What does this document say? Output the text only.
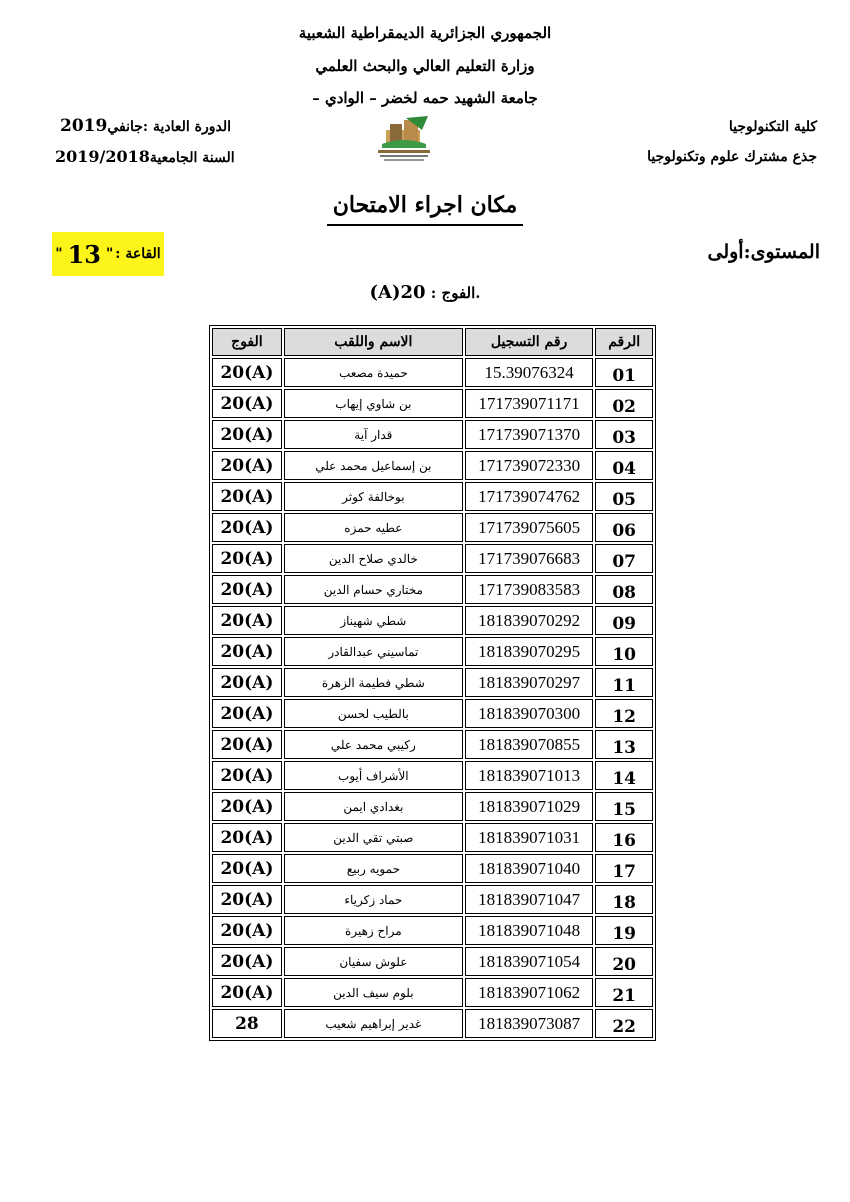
الجمهوري الجزائرية الديمقراطية الشعبية
وزارة التعليم العالي والبحث العلمي
جامعة الشهيد حمه لخضر – الوادي –
كلية التكنولوجيا
جذع مشترك علوم وتكنولوجيا
الدورة العادية :جانفي2019
السنة الجامعية2019/2018
مكان اجراء الامتحان
المستوى:أولى
القاعة :
"
13
"
.الفوج : 20(A)
الرقم	رقم التسجيل	الاسم واللقب	الفوج
01	15.39076324	حميدة مصعب	20(A)
02	171739071171	بن شاوي إيهاب	20(A)
03	171739071370	قدار آية	20(A)
04	171739072330	بن إسماعيل محمد علي	20(A)
05	171739074762	بوخالفة كوثر	20(A)
06	171739075605	عطيه حمزه	20(A)
07	171739076683	خالدي صلاح الدين	20(A)
08	171739083583	مختاري حسام الدين	20(A)
09	181839070292	شطي شهيناز	20(A)
10	181839070295	تماسيني عبدالقادر	20(A)
11	181839070297	شطي فطيمة الزهرة	20(A)
12	181839070300	بالطيب لحسن	20(A)
13	181839070855	ركيبي محمد علي	20(A)
14	181839071013	الأشراف أيوب	20(A)
15	181839071029	بغدادي ايمن	20(A)
16	181839071031	صبتي تقي الدين	20(A)
17	181839071040	حمويه ربيع	20(A)
18	181839071047	حماد زكرياء	20(A)
19	181839071048	مراح زهيرة	20(A)
20	181839071054	علوش سفيان	20(A)
21	181839071062	بلوم سيف الدين	20(A)
22	181839073087	غدير إبراهيم شعيب	28
